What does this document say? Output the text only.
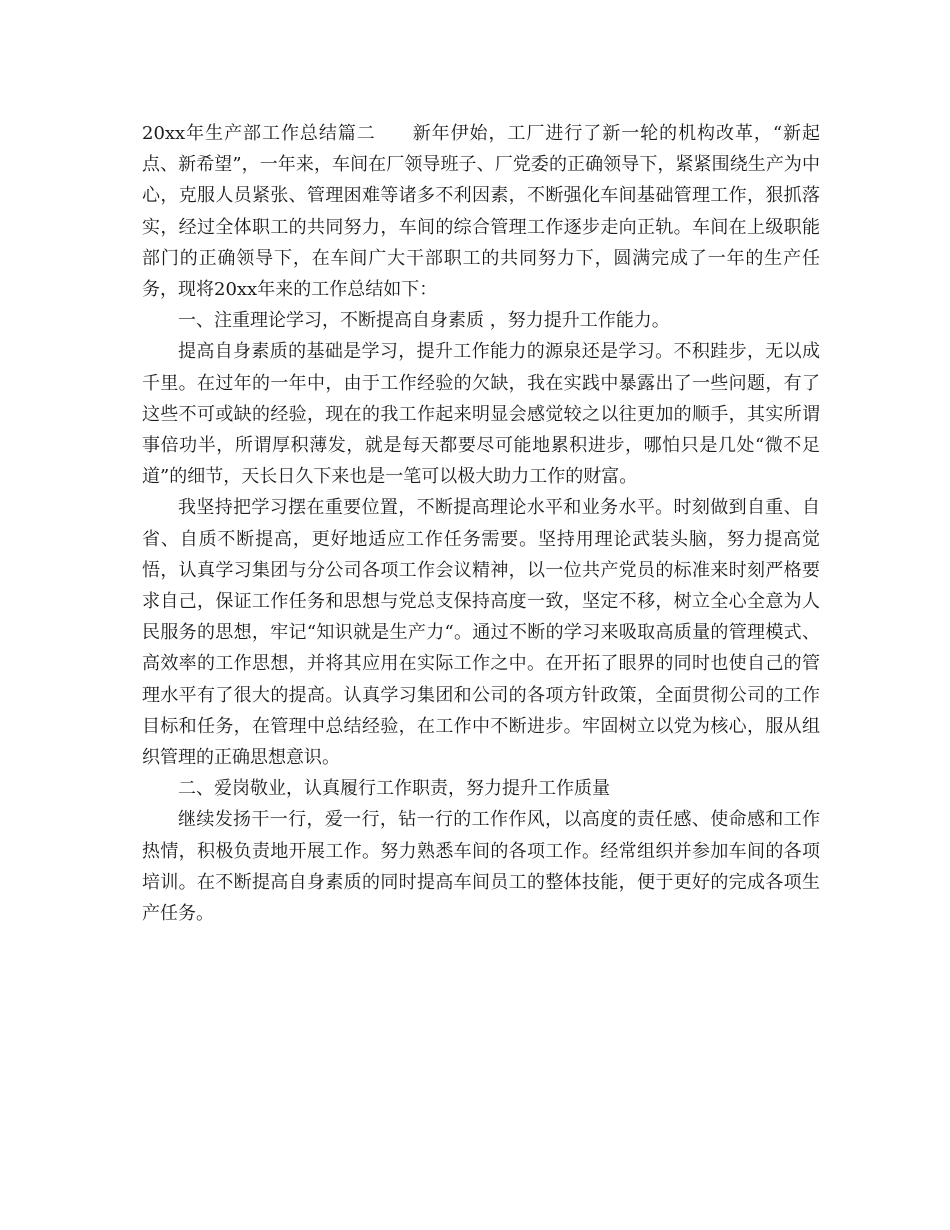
20xx年生产部工作总结篇二 新年伊始，工厂进行了新一轮的机构改革，“新起点、新希望”，一年来，车间在厂领导班子、厂党委的正确领导下，紧紧围绕生产为中心，克服人员紧张、管理困难等诸多不利因素，不断强化车间基础管理工作，狠抓落实，经过全体职工的共同努力，车间的综合管理工作逐步走向正轨。车间在上级职能部门的正确领导下，在车间广大干部职工的共同努力下，圆满完成了一年的生产任务，现将20xx年来的工作总结如下：

一、注重理论学习，不断提高自身素质 ，努力提升工作能力。

提高自身素质的基础是学习，提升工作能力的源泉还是学习。不积跬步，无以成千里。在过年的一年中，由于工作经验的欠缺，我在实践中暴露出了一些问题，有了这些不可或缺的经验，现在的我工作起来明显会感觉较之以往更加的顺手，其实所谓事倍功半，所谓厚积薄发，就是每天都要尽可能地累积进步，哪怕只是几处“微不足道”的细节，天长日久下来也是一笔可以极大助力工作的财富。

我坚持把学习摆在重要位置，不断提高理论水平和业务水平。时刻做到自重、自省、自质不断提高，更好地适应工作任务需要。坚持用理论武装头脑，努力提高觉悟，认真学习集团与分公司各项工作会议精神，以一位共产党员的标准来时刻严格要求自己，保证工作任务和思想与党总支保持高度一致，坚定不移，树立全心全意为人民服务的思想，牢记“知识就是生产力“。通过不断的学习来吸取高质量的管理模式、高效率的工作思想，并将其应用在实际工作之中。在开拓了眼界的同时也使自己的管理水平有了很大的提高。认真学习集团和公司的各项方针政策，全面贯彻公司的工作目标和任务，在管理中总结经验，在工作中不断进步。牢固树立以党为核心，服从组织管理的正确思想意识。

二、爱岗敬业，认真履行工作职责，努力提升工作质量

继续发扬干一行，爱一行，钻一行的工作作风，以高度的责任感、使命感和工作热情，积极负责地开展工作。努力熟悉车间的各项工作。经常组织并参加车间的各项培训。在不断提高自身素质的同时提高车间员工的整体技能，便于更好的完成各项生产任务。
